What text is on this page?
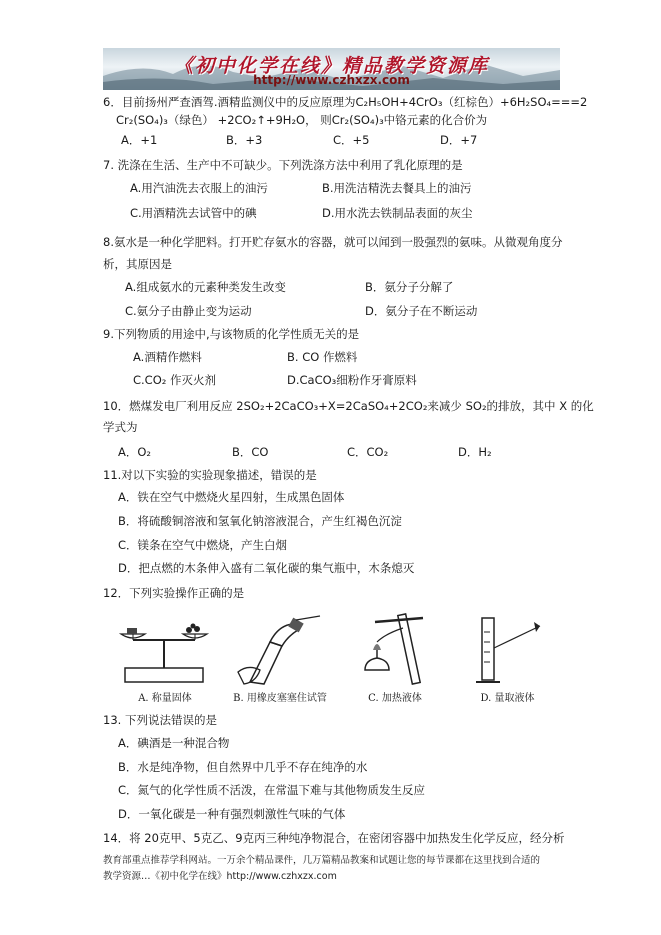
《初中化学在线》精品教学资源库
http://www.czhxzx.com
6．目前扬州严查酒驾.酒精监测仪中的反应原理为C₂H₅OH+4CrO₃（红棕色）+6H₂SO₄===2
Cr₂(SO₄)₃（绿色） +2CO₂↑+9H₂O， 则Cr₂(SO₄)₃中铬元素的化合价为
A．+1	B．+3	C．+5	D．+7
7. 洗涤在生活、生产中不可缺少。下列洗涤方法中利用了乳化原理的是
A.用汽油洗去衣服上的油污	B.用洗洁精洗去餐具上的油污
C.用酒精洗去试管中的碘	D.用水洗去铁制品表面的灰尘
8.氨水是一种化学肥料。打开贮存氨水的容器，就可以闻到一股强烈的氨味。从微观角度分
析，其原因是
A.组成氨水的元素种类发生改变	B．氨分子分解了
C.氨分子由静止变为运动	D．氨分子在不断运动
9.下列物质的用途中,与该物质的化学性质无关的是
A.酒精作燃料	B. CO 作燃料
C.CO₂ 作灭火剂	D.CaCO₃细粉作牙膏原料
10．燃煤发电厂利用反应 2SO₂+2CaCO₃+X=2CaSO₄+2CO₂来减少 SO₂的排放，其中 X 的化
学式为
A．O₂	B．CO	C．CO₂	D．H₂
11.对以下实验的实验现象描述，错误的是
A．铁在空气中燃烧火星四射，生成黑色固体
B．将硫酸铜溶液和氢氧化钠溶液混合，产生红褐色沉淀
C．镁条在空气中燃烧，产生白烟
D．把点燃的木条伸入盛有二氧化碳的集气瓶中，木条熄灭
12．下列实验操作正确的是
A. 称量固体	B. 用橡皮塞塞住试管	C. 加热液体	D. 量取液体
13. 下列说法错误的是
A．碘酒是一种混合物
B．水是纯净物，但自然界中几乎不存在纯净的水
C．氮气的化学性质不活泼，在常温下难与其他物质发生反应
D．一氧化碳是一种有强烈刺激性气味的气体
14．将 20克甲、5克乙、9克丙三种纯净物混合，在密闭容器中加热发生化学反应，经分析
教育部重点推荐学科网站。一万余个精品课件，几万篇精品教案和试题让您的每节课都在这里找到合适的
教学资源…《初中化学在线》http://www.czhxzx.com
